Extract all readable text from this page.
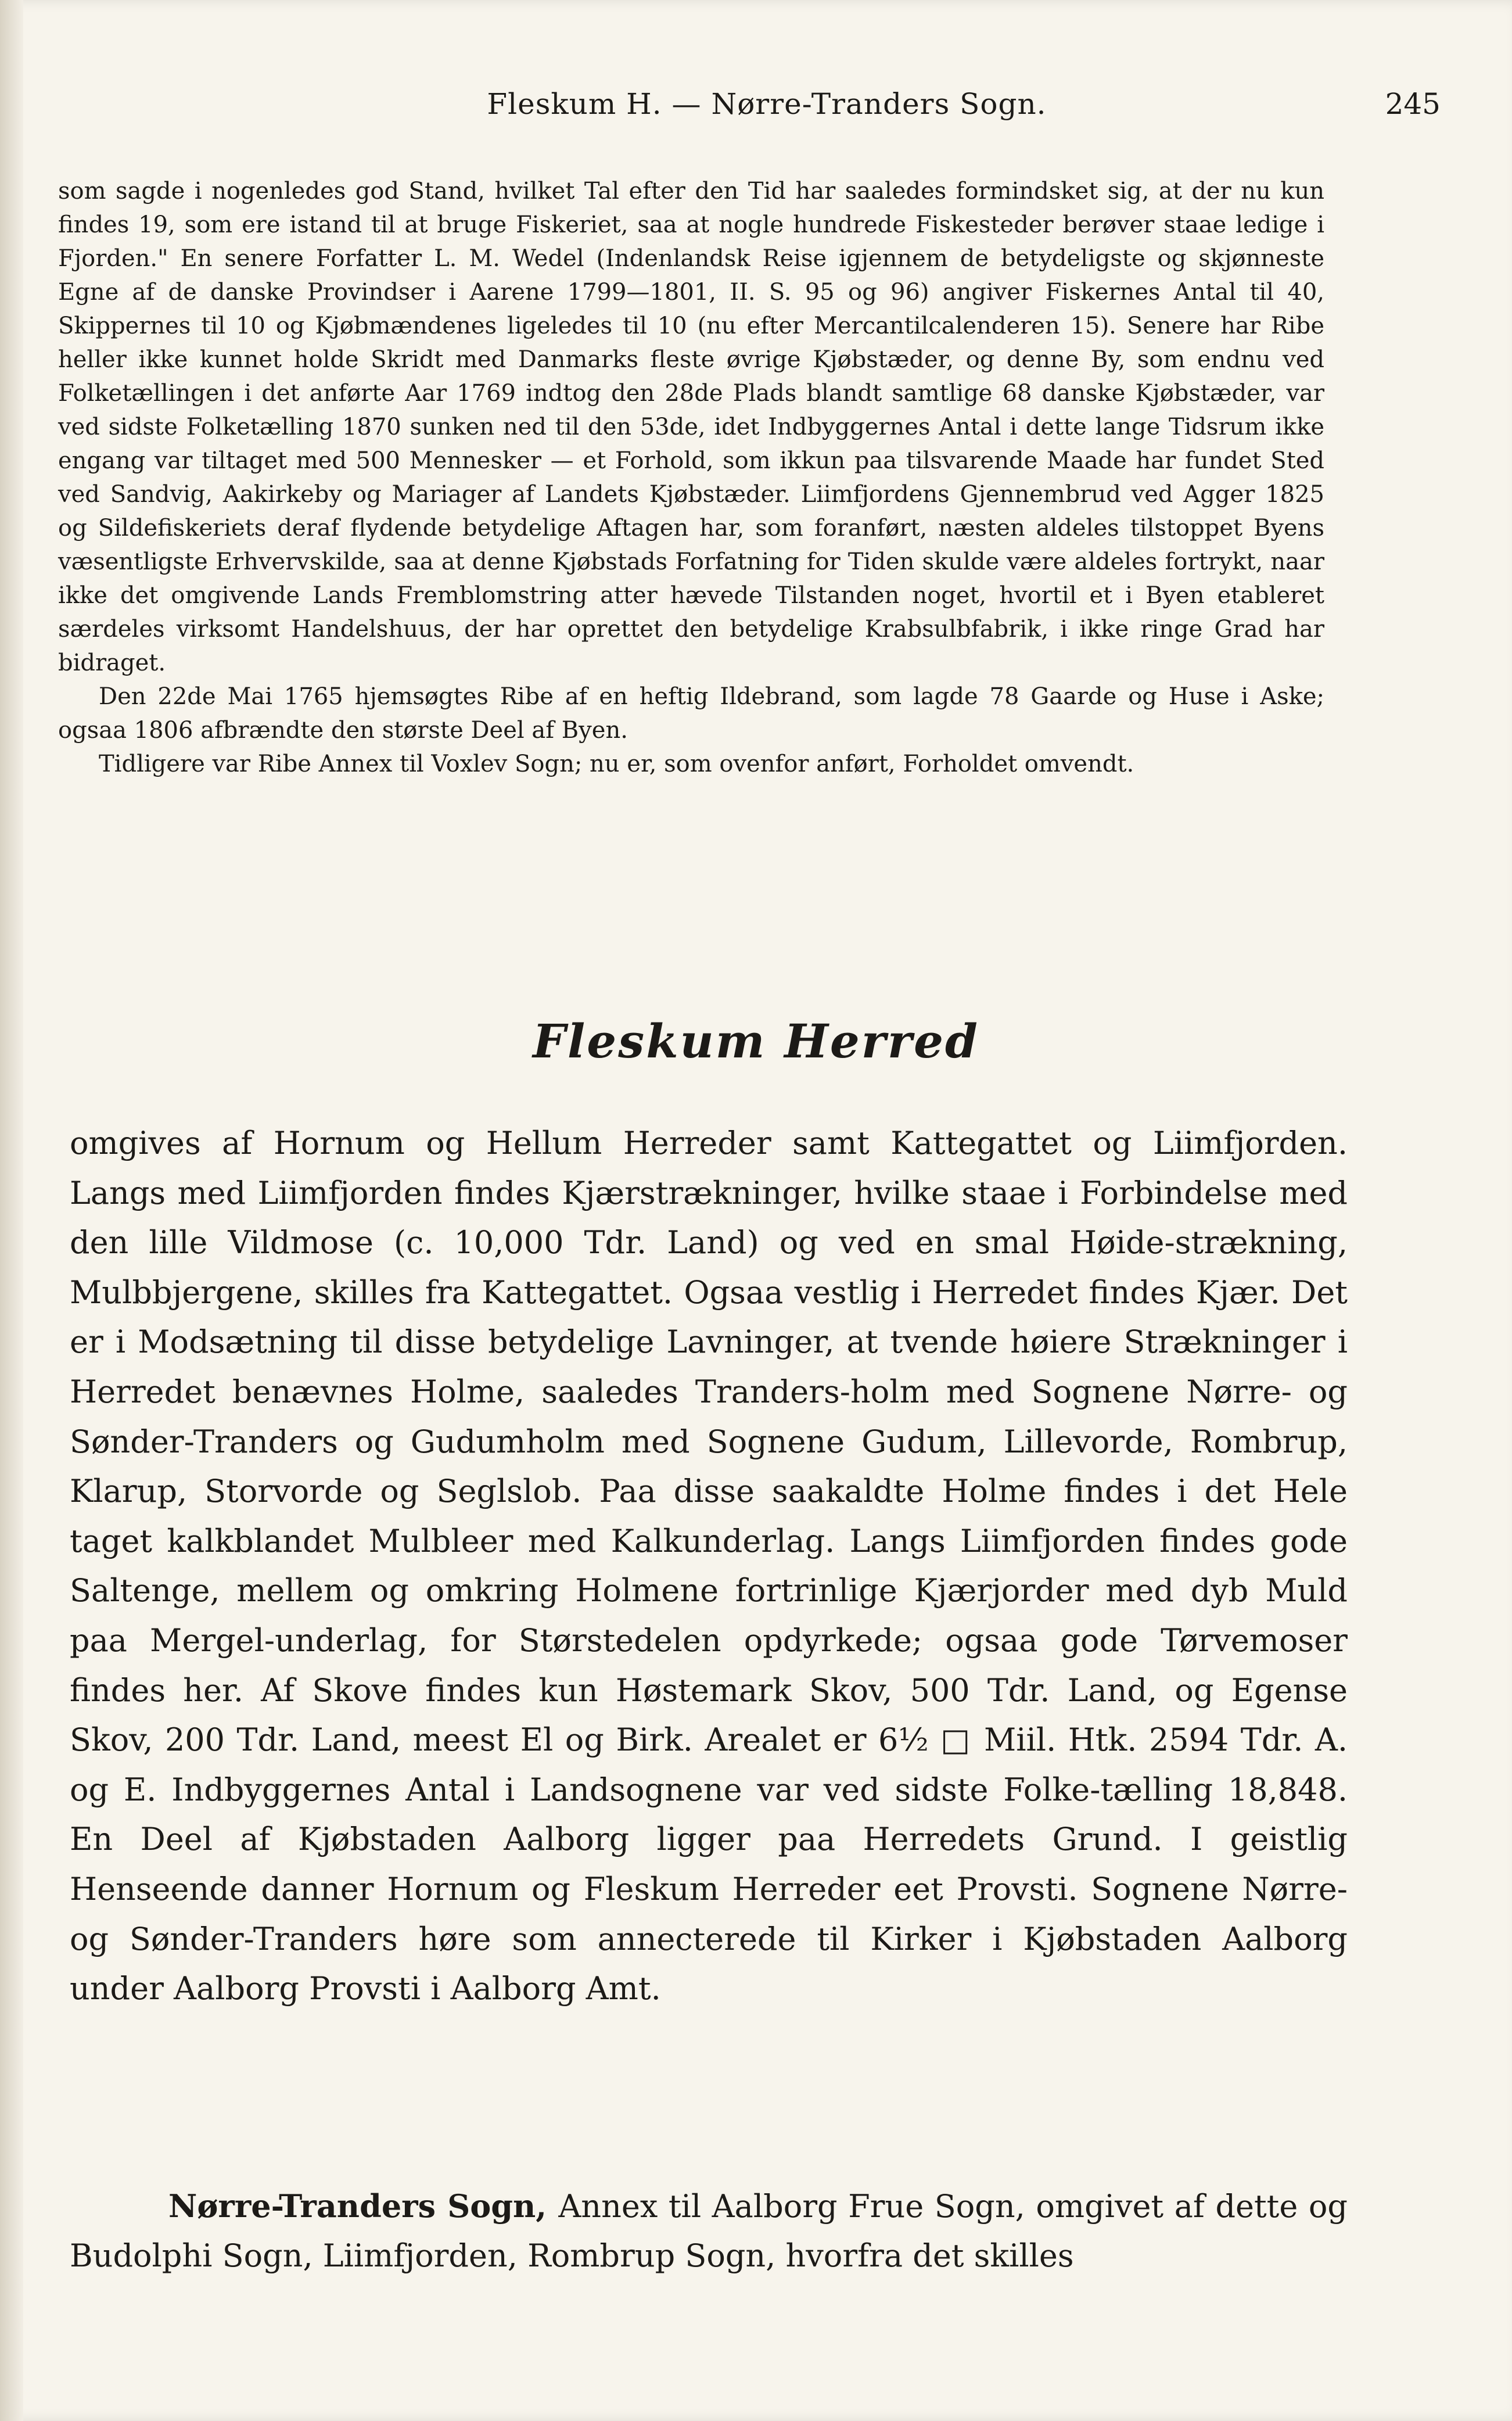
Fleskum H. — Nørre-Tranders Sogn.	245

som sagde i nogenledes god Stand, hvilket Tal efter den Tid har saaledes formindsket sig, at der nu kun findes 19, som ere istand til at bruge Fiskeriet, saa at nogle hundrede Fiskesteder berøver staae ledige i Fjorden." En senere Forfatter L. M. Wedel (Indenlandsk Reise igjennem de betydeligste og skjønneste Egne af de danske Provindser i Aarene 1799—1801, II. S. 95 og 96) angiver Fiskernes Antal til 40, Skippernes til 10 og Kjøbmændenes ligeledes til 10 (nu efter Mercantilcalenderen 15). Senere har Ribe heller ikke kunnet holde Skridt med Danmarks fleste øvrige Kjøbstæder, og denne By, som endnu ved Folketællingen i det anførte Aar 1769 indtog den 28de Plads blandt samtlige 68 danske Kjøbstæder, var ved sidste Folketælling 1870 sunken ned til den 53de, idet Indbyggernes Antal i dette lange Tidsrum ikke engang var tiltaget med 500 Mennesker — et Forhold, som ikkun paa tilsvarende Maade har fundet Sted ved Sandvig, Aakirkeby og Mariager af Landets Kjøbstæder. Liimfjordens Gjennembrud ved Agger 1825 og Sildefiskeriets deraf flydende betydelige Aftagen har, som foranført, næsten aldeles tilstoppet Byens væsentligste Erhvervskilde, saa at denne Kjøbstads Forfatning for Tiden skulde være aldeles fortrykt, naar ikke det omgivende Lands Fremblomstring atter hævede Tilstanden noget, hvortil et i Byen etableret særdeles virksomt Handelshuus, der har oprettet den betydelige Krabsulbfabrik, i ikke ringe Grad har bidraget.

Den 22de Mai 1765 hjemsøgtes Ribe af en heftig Ildebrand, som lagde 78 Gaarde og Huse i Aske; ogsaa 1806 afbrændte den største Deel af Byen.

Tidligere var Ribe Annex til Voxlev Sogn; nu er, som ovenfor anført, Forholdet omvendt.

Fleskum Herred

omgives af Hornum og Hellum Herreder samt Kattegattet og Liimfjorden. Langs med Liimfjorden findes Kjærstrækninger, hvilke staae i Forbindelse med den lille Vildmose (c. 10,000 Tdr. Land) og ved en smal Høide-strækning, Mulbbjergene, skilles fra Kattegattet. Ogsaa vestlig i Herredet findes Kjær. Det er i Modsætning til disse betydelige Lavninger, at tvende høiere Strækninger i Herredet benævnes Holme, saaledes Tranders-holm med Sognene Nørre- og Sønder-Tranders og Gudumholm med Sognene Gudum, Lillevorde, Rombrup, Klarup, Storvorde og Seglslob. Paa disse saakaldte Holme findes i det Hele taget kalkblandet Mulbleer med Kalkunderlag. Langs Liimfjorden findes gode Saltenge, mellem og omkring Holmene fortrinlige Kjærjorder med dyb Muld paa Mergel-underlag, for Størstedelen opdyrkede; ogsaa gode Tørvemoser findes her. Af Skove findes kun Høstemark Skov, 500 Tdr. Land, og Egense Skov, 200 Tdr. Land, meest El og Birk. Arealet er 6½ □ Miil. Htk. 2594 Tdr. A. og E. Indbyggernes Antal i Landsognene var ved sidste Folke-tælling 18,848. En Deel af Kjøbstaden Aalborg ligger paa Herredets Grund. I geistlig Henseende danner Hornum og Fleskum Herreder eet Provsti. Sognene Nørre- og Sønder-Tranders høre som annecterede til Kirker i Kjøbstaden Aalborg under Aalborg Provsti i Aalborg Amt.

Nørre-Tranders Sogn, Annex til Aalborg Frue Sogn, omgivet af dette og Budolphi Sogn, Liimfjorden, Rombrup Sogn, hvorfra det skilles
